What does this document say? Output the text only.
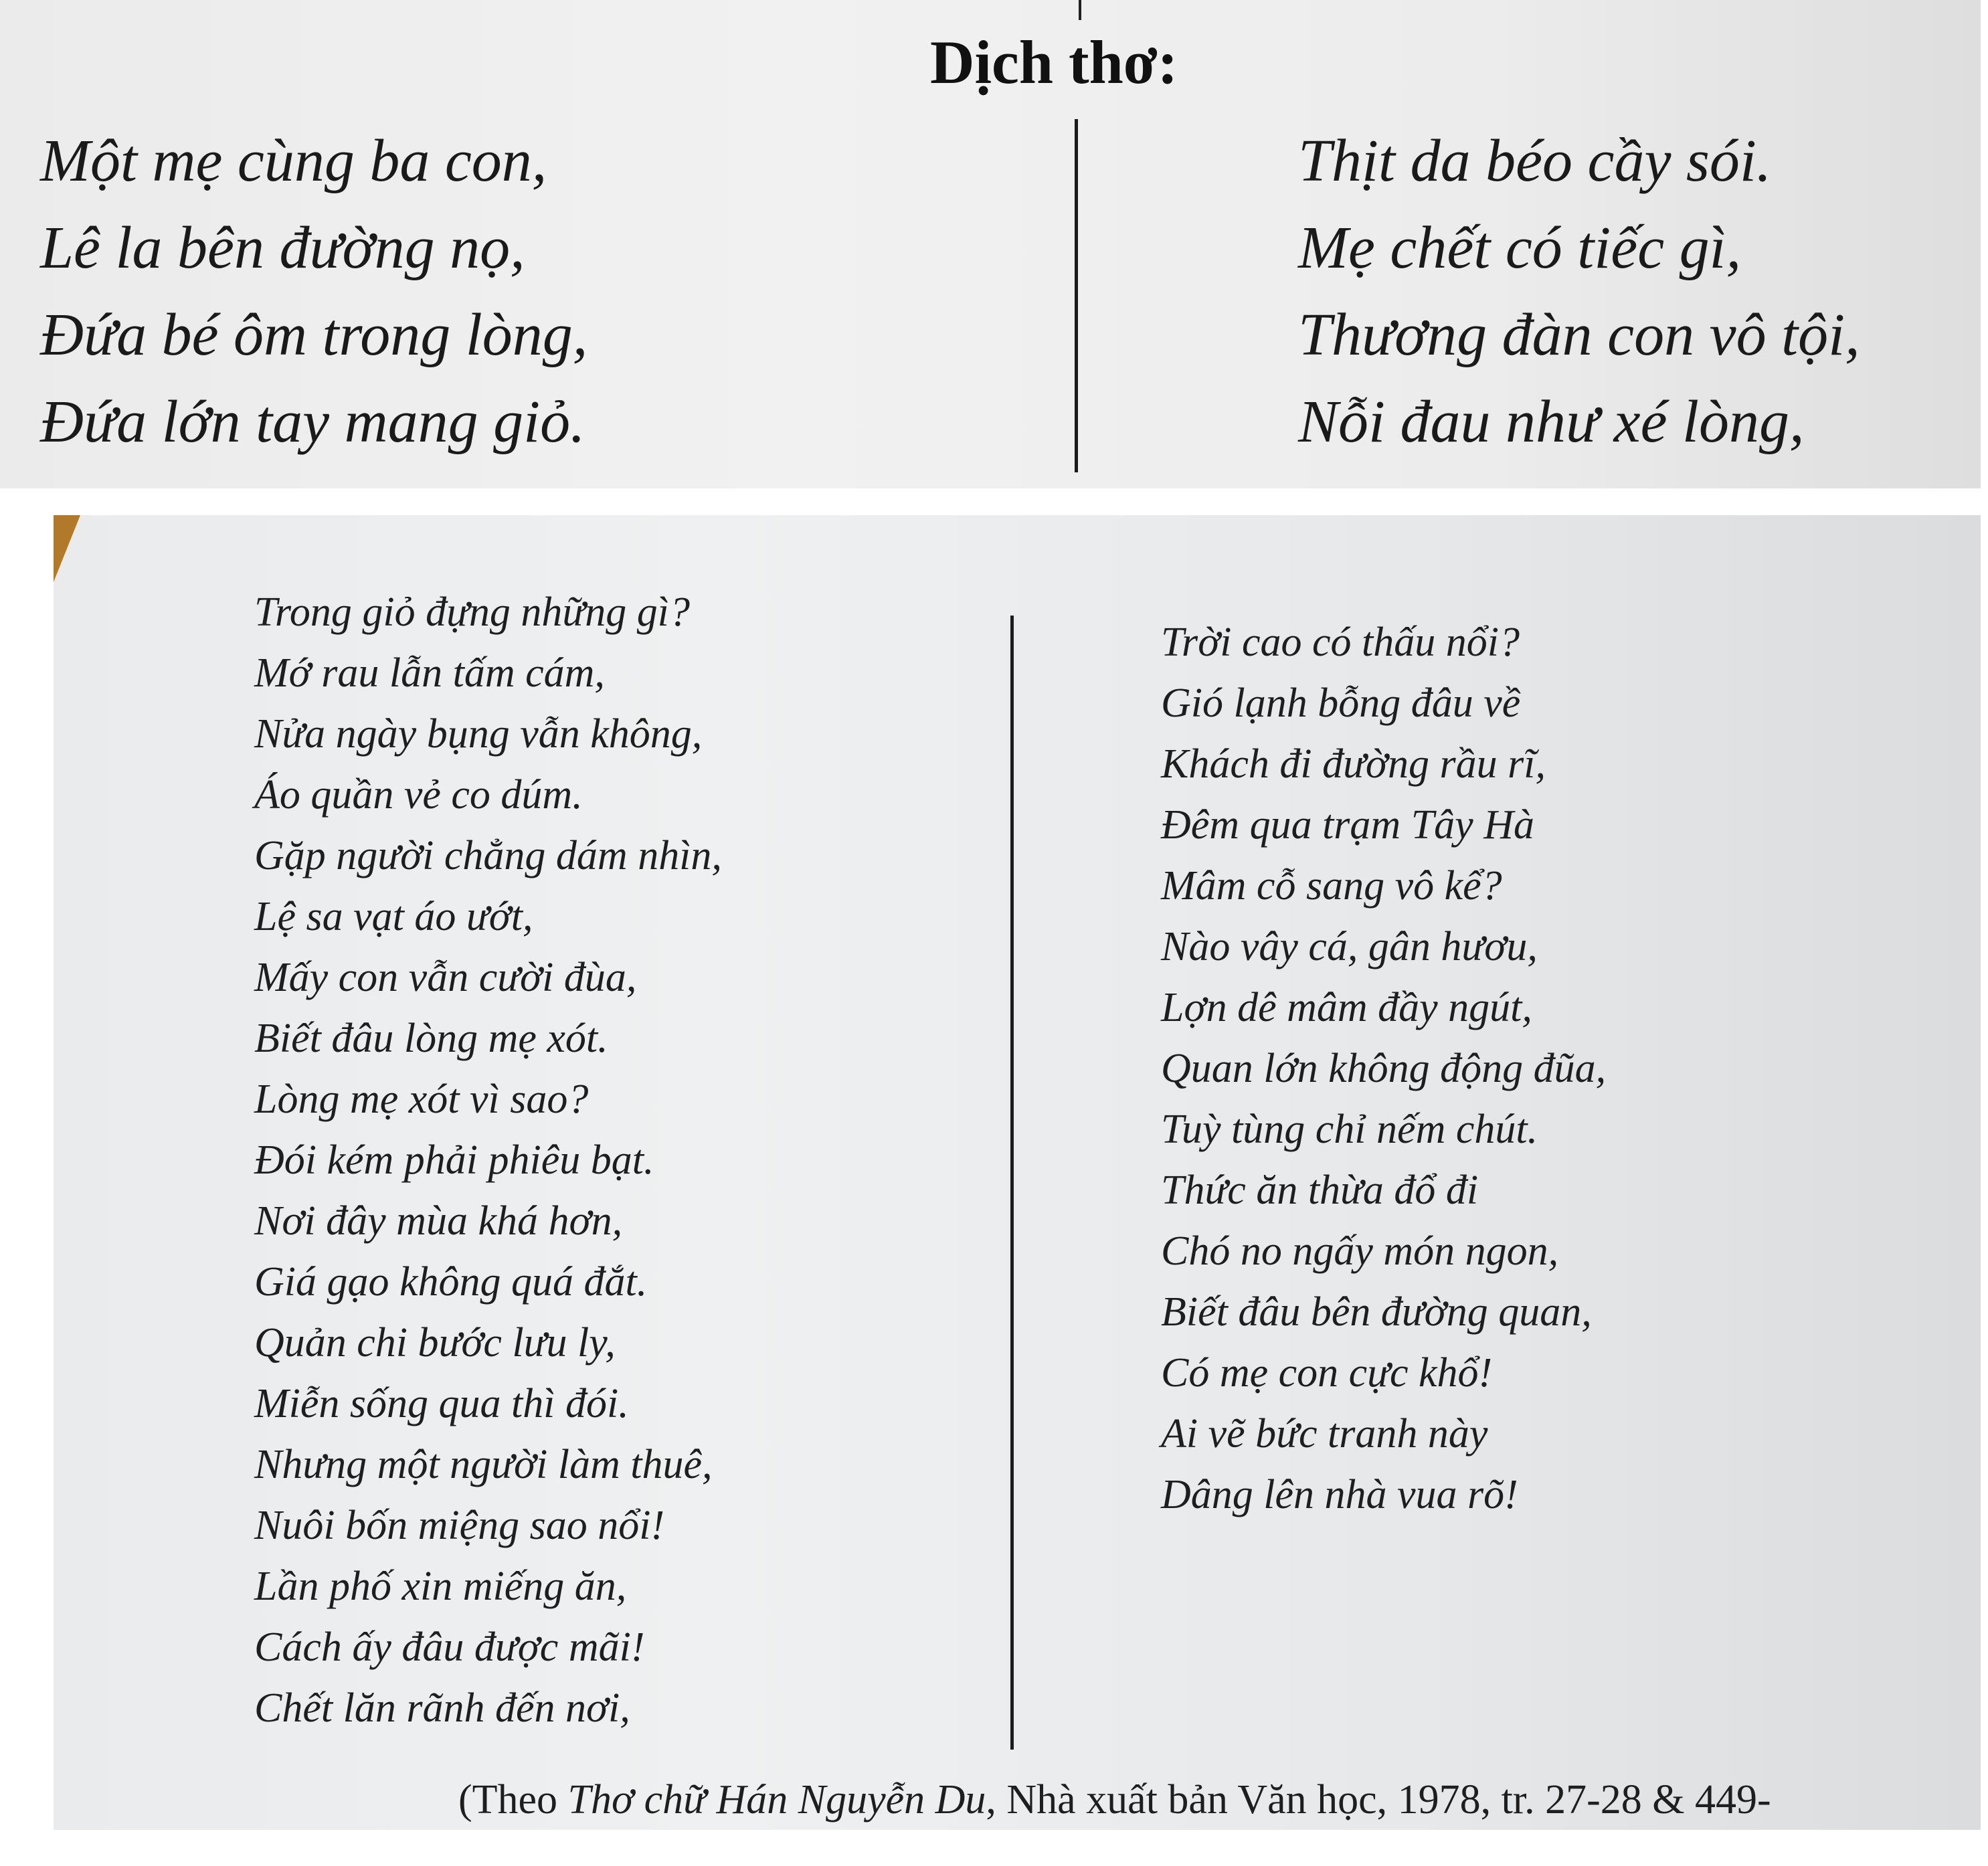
Dịch thơ:
Một mẹ cùng ba con,
Lê la bên đường nọ,
Đứa bé ôm trong lòng,
Đứa lớn tay mang giỏ.
Thịt da béo cầy sói.
Mẹ chết có tiếc gì,
Thương đàn con vô tội,
Nỗi đau như xé lòng,
Trong giỏ đựng những gì?
Mớ rau lẫn tấm cám,
Nửa ngày bụng vẫn không,
Áo quần vẻ co dúm.
Gặp người chẳng dám nhìn,
Lệ sa vạt áo ướt,
Mấy con vẫn cười đùa,
Biết đâu lòng mẹ xót.
Lòng mẹ xót vì sao?
Đói kém phải phiêu bạt.
Nơi đây mùa khá hơn,
Giá gạo không quá đắt.
Quản chi bước lưu ly,
Miễn sống qua thì đói.
Nhưng một người làm thuê,
Nuôi bốn miệng sao nổi!
Lần phố xin miếng ăn,
Cách ấy đâu được mãi!
Chết lăn rãnh đến nơi,
Trời cao có thấu nổi?
Gió lạnh bỗng đâu về
Khách đi đường rầu rĩ,
Đêm qua trạm Tây Hà
Mâm cỗ sang vô kể?
Nào vây cá, gân hươu,
Lợn dê mâm đầy ngút,
Quan lớn không động đũa,
Tuỳ tùng chỉ nếm chút.
Thức ăn thừa đổ đi
Chó no ngấy món ngon,
Biết đâu bên đường quan,
Có mẹ con cực khổ!
Ai vẽ bức tranh này
Dâng lên nhà vua rõ!
(Theo Thơ chữ Hán Nguyễn Du, Nhà xuất bản Văn học, 1978, tr. 27-28 & 449-
